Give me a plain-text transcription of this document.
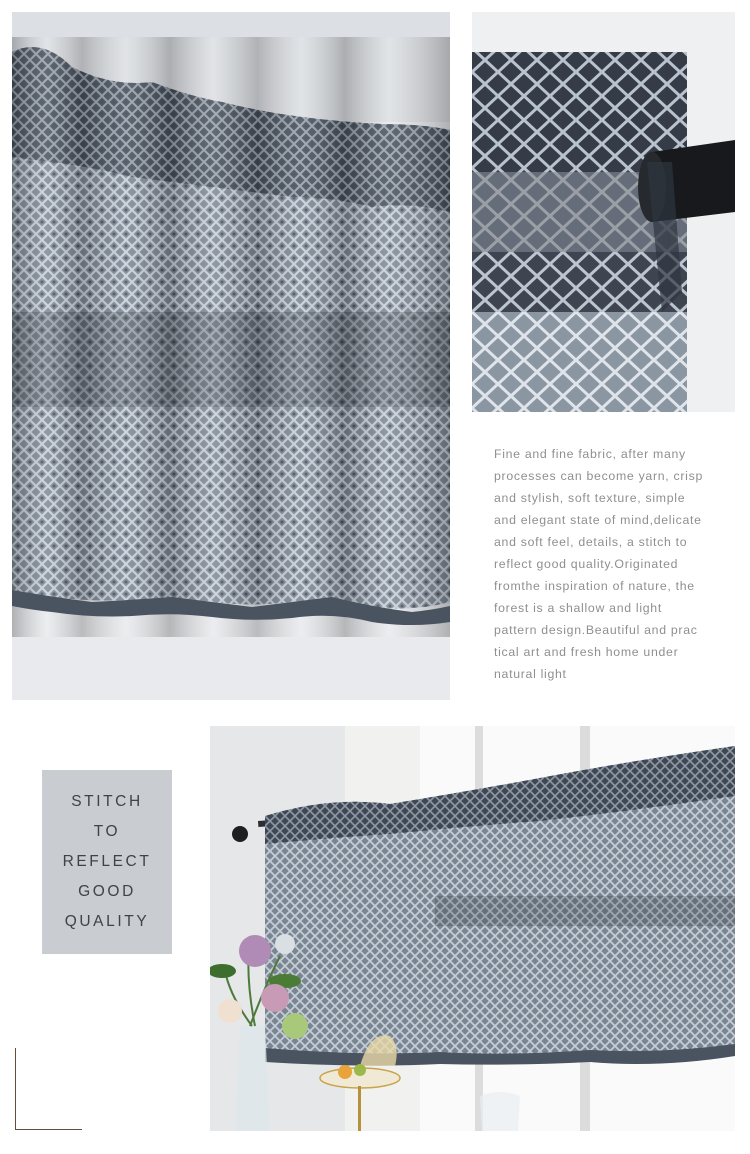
Fine and fine fabric, after many
processes can become yarn, crisp
and stylish, soft texture, simple
and elegant state of mind,delicate
and soft feel, details, a stitch to
reflect good quality.Originated
fromthe inspiration of nature, the
forest is a shallow and light
pattern design.Beautiful and prac
tical art and fresh home under
natural light

STITCH
TO
REFLECT
GOOD
QUALITY
